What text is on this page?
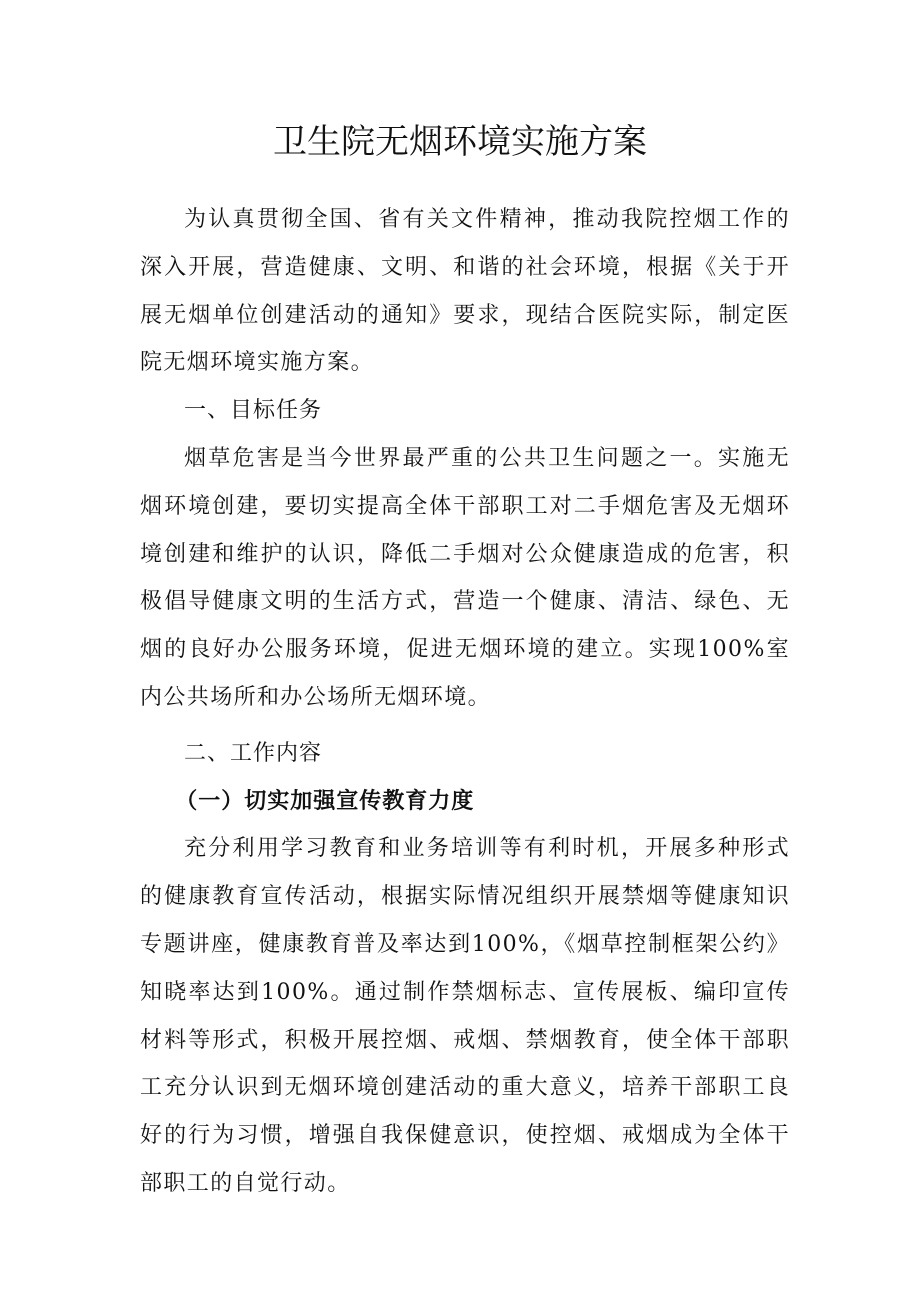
卫生院无烟环境实施方案

为认真贯彻全国、省有关文件精神，推动我院控烟工作的深入开展，营造健康、文明、和谐的社会环境，根据《关于开展无烟单位创建活动的通知》要求，现结合医院实际，制定医院无烟环境实施方案。

一、目标任务

烟草危害是当今世界最严重的公共卫生问题之一。实施无烟环境创建，要切实提高全体干部职工对二手烟危害及无烟环境创建和维护的认识，降低二手烟对公众健康造成的危害，积极倡导健康文明的生活方式，营造一个健康、清洁、绿色、无烟的良好办公服务环境，促进无烟环境的建立。实现100%室内公共场所和办公场所无烟环境。

二、工作内容

（一）切实加强宣传教育力度

充分利用学习教育和业务培训等有利时机，开展多种形式的健康教育宣传活动，根据实际情况组织开展禁烟等健康知识专题讲座，健康教育普及率达到100%，《烟草控制框架公约》知晓率达到100%。通过制作禁烟标志、宣传展板、编印宣传材料等形式，积极开展控烟、戒烟、禁烟教育，使全体干部职工充分认识到无烟环境创建活动的重大意义，培养干部职工良好的行为习惯，增强自我保健意识，使控烟、戒烟成为全体干部职工的自觉行动。
